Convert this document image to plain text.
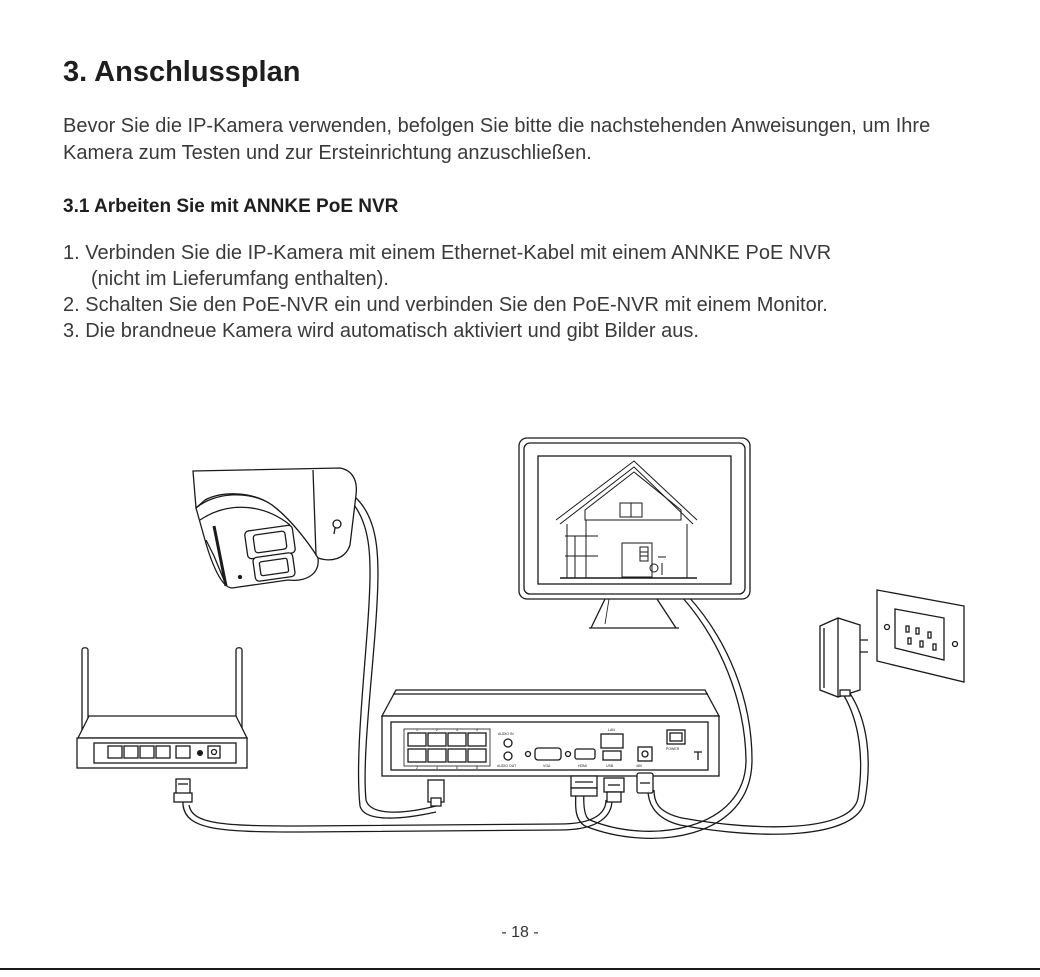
3. Anschlussplan

Bevor Sie die IP-Kamera verwenden, befolgen Sie bitte die nachstehenden Anweisungen, um Ihre Kamera zum Testen und zur Ersteinrichtung anzuschließen.

3.1 Arbeiten Sie mit ANNKE PoE NVR
1. Verbinden Sie die IP-Kamera mit einem Ethernet-Kabel mit einem ANNKE PoE NVR
(nicht im Lieferumfang enthalten).
2. Schalten Sie den PoE-NVR ein und verbinden Sie den PoE-NVR mit einem Monitor.
3. Die brandneue Kamera wird automatisch aktiviert und gibt Bilder aus.
1	2	3	4
2	4	6	8
AUDIO IN
AUDIO OUT	VGA	HDMI
LAN
USB	48V
POWER
- 18 -
